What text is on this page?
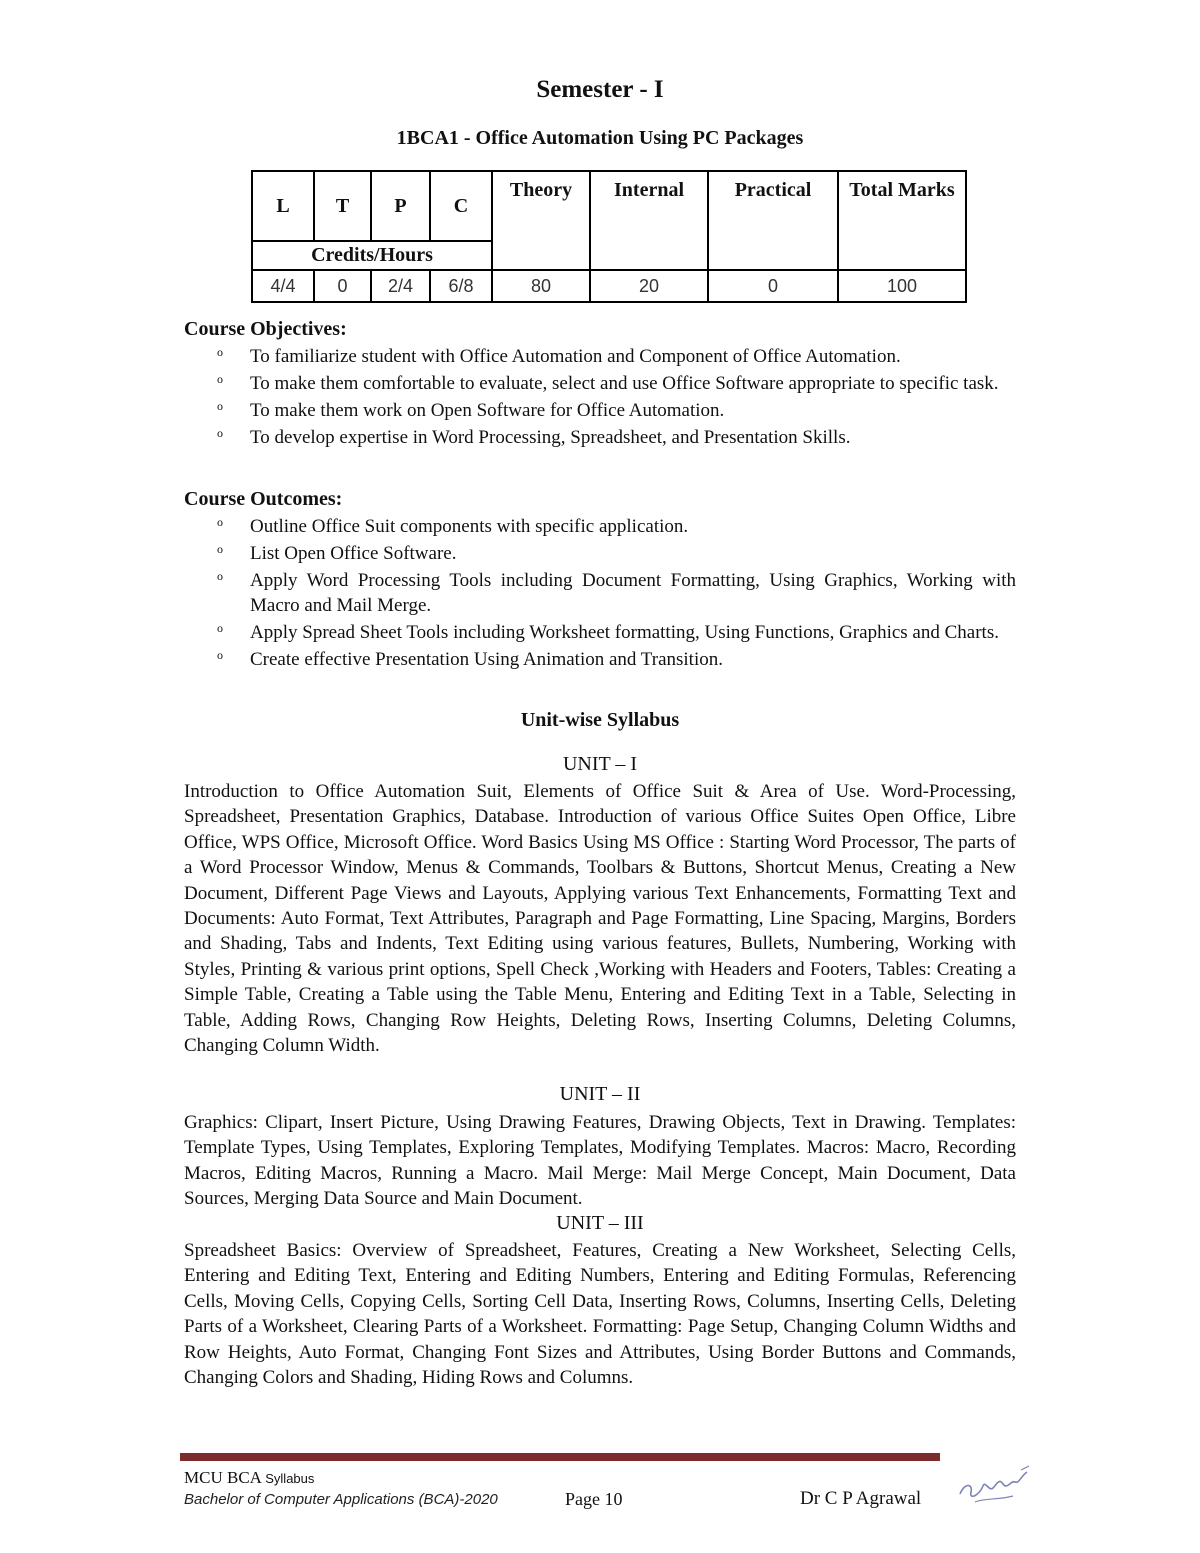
Semester - I
1BCA1 - Office Automation Using PC Packages
L	T	P	C	Theory	Internal	Practical	Total Marks
Credits/Hours							
4/4	0	2/4	6/8	80	20	0	100
Course Objectives:
o To familiarize student with Office Automation and Component of Office Automation.
o To make them comfortable to evaluate, select and use Office Software appropriate to specific task.
o To make them work on Open Software for Office Automation.
o To develop expertise in Word Processing, Spreadsheet, and Presentation Skills.
Course Outcomes:
o Outline Office Suit components with specific application.
o List Open Office Software.
o Apply Word Processing Tools including Document Formatting, Using Graphics, Working with Macro and Mail Merge.
o Apply Spread Sheet Tools including Worksheet formatting, Using Functions, Graphics and Charts.
o Create effective Presentation Using Animation and Transition.
Unit-wise Syllabus
UNIT – I
Introduction to Office Automation Suit, Elements of Office Suit & Area of Use. Word-Processing, Spreadsheet, Presentation Graphics, Database. Introduction of various Office Suites Open Office, Libre Office, WPS Office, Microsoft Office. Word Basics Using MS Office : Starting Word Processor, The parts of a Word Processor Window, Menus & Commands, Toolbars & Buttons, Shortcut Menus, Creating a New Document, Different Page Views and Layouts, Applying various Text Enhancements, Formatting Text and Documents: Auto Format, Text Attributes, Paragraph and Page Formatting, Line Spacing, Margins, Borders and Shading, Tabs and Indents, Text Editing using various features, Bullets, Numbering, Working with Styles, Printing & various print options, Spell Check ,Working with Headers and Footers, Tables: Creating a Simple Table, Creating a Table using the Table Menu, Entering and Editing Text in a Table, Selecting in Table, Adding Rows, Changing Row Heights, Deleting Rows, Inserting Columns, Deleting Columns, Changing Column Width.
UNIT – II
Graphics: Clipart, Insert Picture, Using Drawing Features, Drawing Objects, Text in Drawing. Templates: Template Types, Using Templates, Exploring Templates, Modifying Templates. Macros: Macro, Recording Macros, Editing Macros, Running a Macro. Mail Merge: Mail Merge Concept, Main Document, Data Sources, Merging Data Source and Main Document.
UNIT – III
Spreadsheet Basics: Overview of Spreadsheet, Features, Creating a New Worksheet, Selecting Cells, Entering and Editing Text, Entering and Editing Numbers, Entering and Editing Formulas, Referencing Cells, Moving Cells, Copying Cells, Sorting Cell Data, Inserting Rows, Columns, Inserting Cells, Deleting Parts of a Worksheet, Clearing Parts of a Worksheet. Formatting: Page Setup, Changing Column Widths and Row Heights, Auto Format, Changing Font Sizes and Attributes, Using Border Buttons and Commands, Changing Colors and Shading, Hiding Rows and Columns.
MCU BCA Syllabus
Bachelor of Computer Applications (BCA)-2020	Page 10	Dr C P Agrawal
